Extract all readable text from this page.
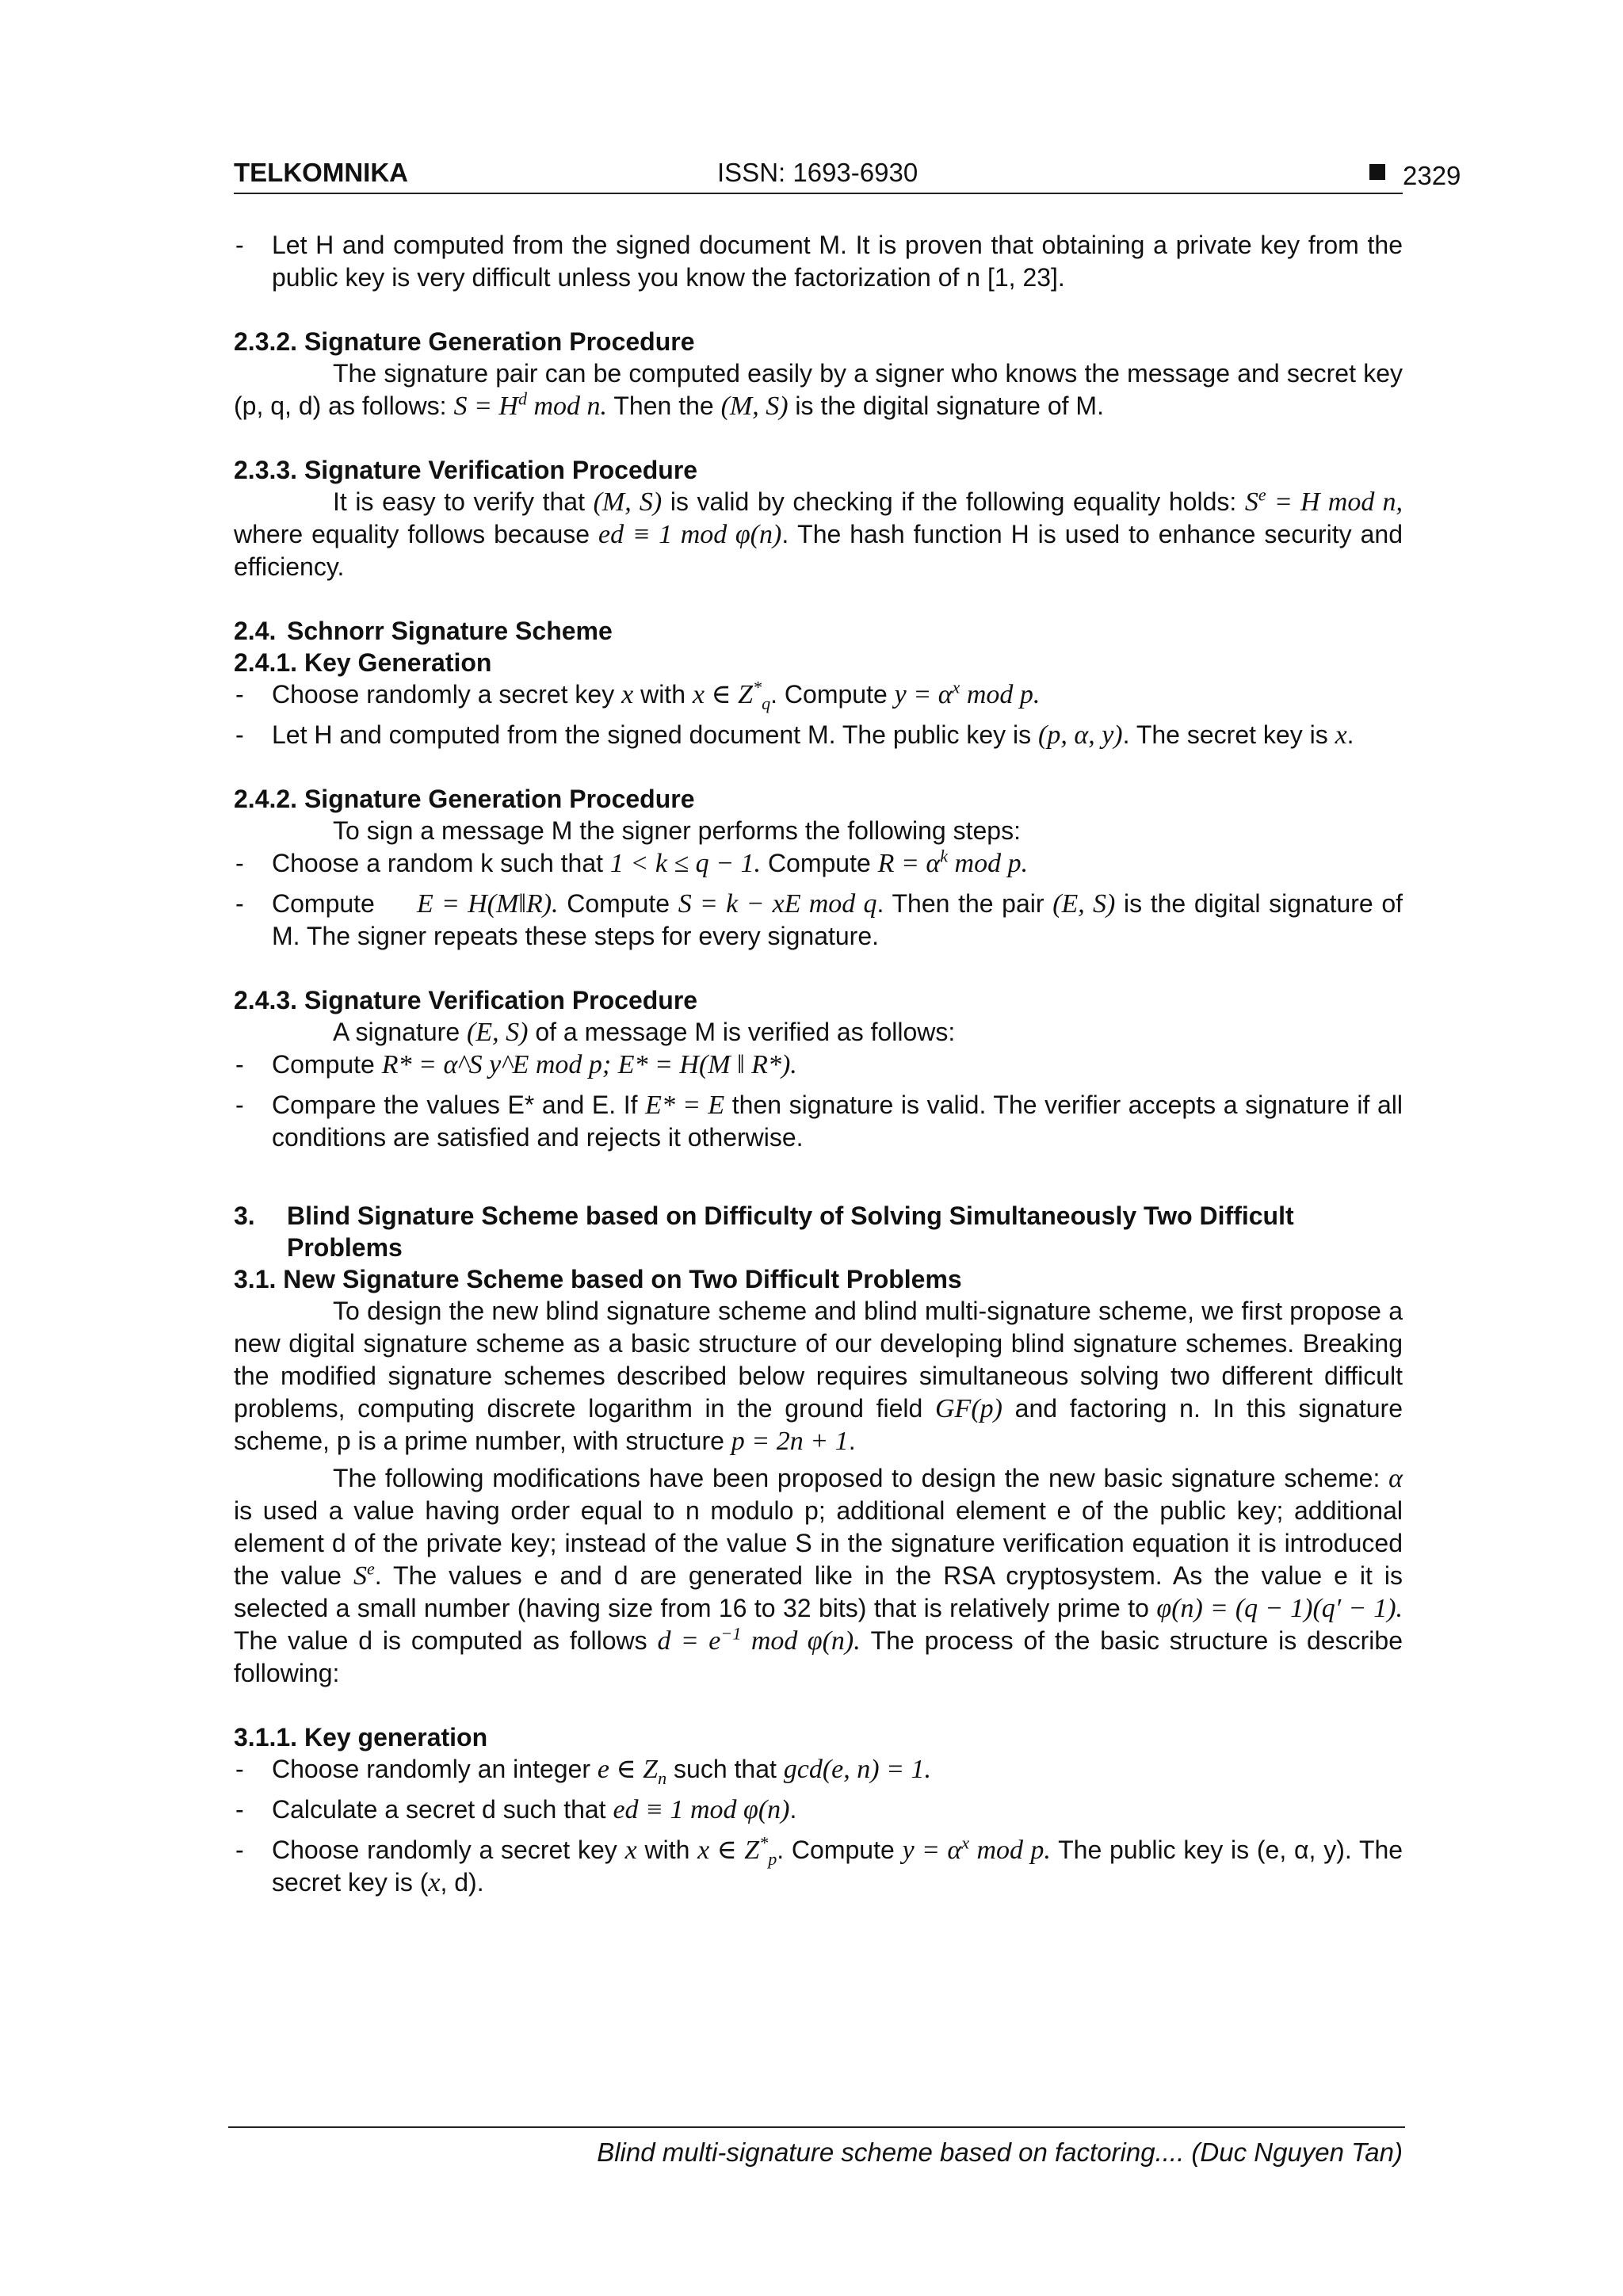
TELKOMNIKA	ISSN: 1693-6930	2329
- Let H and computed from the signed document M. It is proven that obtaining a private key from the public key is very difficult unless you know the factorization of n [1, 23].
2.3.2. Signature Generation Procedure

The signature pair can be computed easily by a signer who knows the message and secret key (p, q, d) as follows: $S = H^d$ mod n. Then the (M, S) is the digital signature of M.

2.3.3. Signature Verification Procedure

It is easy to verify that (M, S) is valid by checking if the following equality holds: $S^e = H$ mod n, where equality follows because ed ≡ 1 mod φ(n). The hash function H is used to enhance security and efficiency.

2.4. Schnorr Signature Scheme
2.4.1. Key Generation
- Choose randomly a secret key x with x ∈ $Z^*_q$. Compute $y = \alpha^x$ mod p.
- Let H and computed from the signed document M. The public key is (p, α, y). The secret key is x.
2.4.2. Signature Generation Procedure

To sign a message M the signer performs the following steps:

- Choose a random k such that 1 < k ≤ q − 1. Compute $R = \alpha^k$ mod p.
- Compute E = H(M‖R). Compute S = k − xE mod q. Then the pair (E, S) is the digital signature of M. The signer repeats these steps for every signature.
2.4.3. Signature Verification Procedure

A signature (E, S) of a message M is verified as follows:

- Compute R* = α^S y^E mod p; E* = H(M ‖ R*).
- Compare the values E* and E. If E* = E then signature is valid. The verifier accepts a signature if all conditions are satisfied and rejects it otherwise.
3. Blind Signature Scheme based on Difficulty of Solving Simultaneously Two Difficult Problems
3.1. New Signature Scheme based on Two Difficult Problems

To design the new blind signature scheme and blind multi-signature scheme, we first propose a new digital signature scheme as a basic structure of our developing blind signature schemes. Breaking the modified signature schemes described below requires simultaneous solving two different difficult problems, computing discrete logarithm in the ground field GF(p) and factoring n. In this signature scheme, p is a prime number, with structure p = 2n + 1.

The following modifications have been proposed to design the new basic signature scheme: α is used a value having order equal to n modulo p; additional element e of the public key; additional element d of the private key; instead of the value S in the signature verification equation it is introduced the value $S^e$. The values e and d are generated like in the RSA cryptosystem. As the value e it is selected a small number (having size from 16 to 32 bits) that is relatively prime to φ(n) = (q − 1)(q′ − 1). The value d is computed as follows $d = e^{-1}$ mod φ(n). The process of the basic structure is describe following:

3.1.1. Key generation
- Choose randomly an integer e ∈ $Z_n$ such that gcd(e, n) = 1.
- Calculate a secret d such that ed ≡ 1 mod φ(n).
- Choose randomly a secret key x with x ∈ $Z^*_p$. Compute $y = \alpha^x$ mod p. The public key is (e, α, y). The secret key is (x, d).
Blind multi-signature scheme based on factoring.... (Duc Nguyen Tan)
